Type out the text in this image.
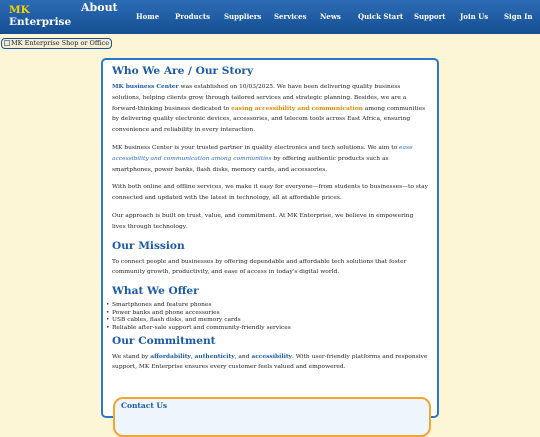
MK
Enterprise
About
Home Products Suppliers Services News Quick Start Support Join Us Sign In
MK Enterprise Shop or Office
Who We Are / Our Story

MK business Center was established on 10/03/2025. We have been delivering quality business solutions, helping clients grow through tailored services and strategic planning. Besides, we are a forward-thinking business dedicated to easing accessibility and communication among communities by delivering quality electronic devices, accessories, and telecom tools across East Africa, ensuring convenience and reliability in every interaction.

MK business Center is your trusted partner in quality electronics and tech solutions. We aim to ease accessibility and communication among communities by offering authentic products such as smartphones, power banks, flash disks, memory cards, and accessories.

With both online and offline services, we make it easy for everyone—from students to businesses—to stay connected and updated with the latest in technology, all at affordable prices.

Our approach is built on trust, value, and commitment. At MK Enterprise, we believe in empowering lives through technology.

Our Mission

To connect people and businesses by offering dependable and affordable tech solutions that foster community growth, productivity, and ease of access in today's digital world.

What We Offer
• Smartphones and feature phones
• Power banks and phone accessories
• USB cables, flash disks, and memory cards
• Reliable after-sale support and community-friendly services
Our Commitment

We stand by affordability, authenticity, and accessibility. With user-friendly platforms and responsive support, MK Enterprise ensures every customer feels valued and empowered.

Contact Us
